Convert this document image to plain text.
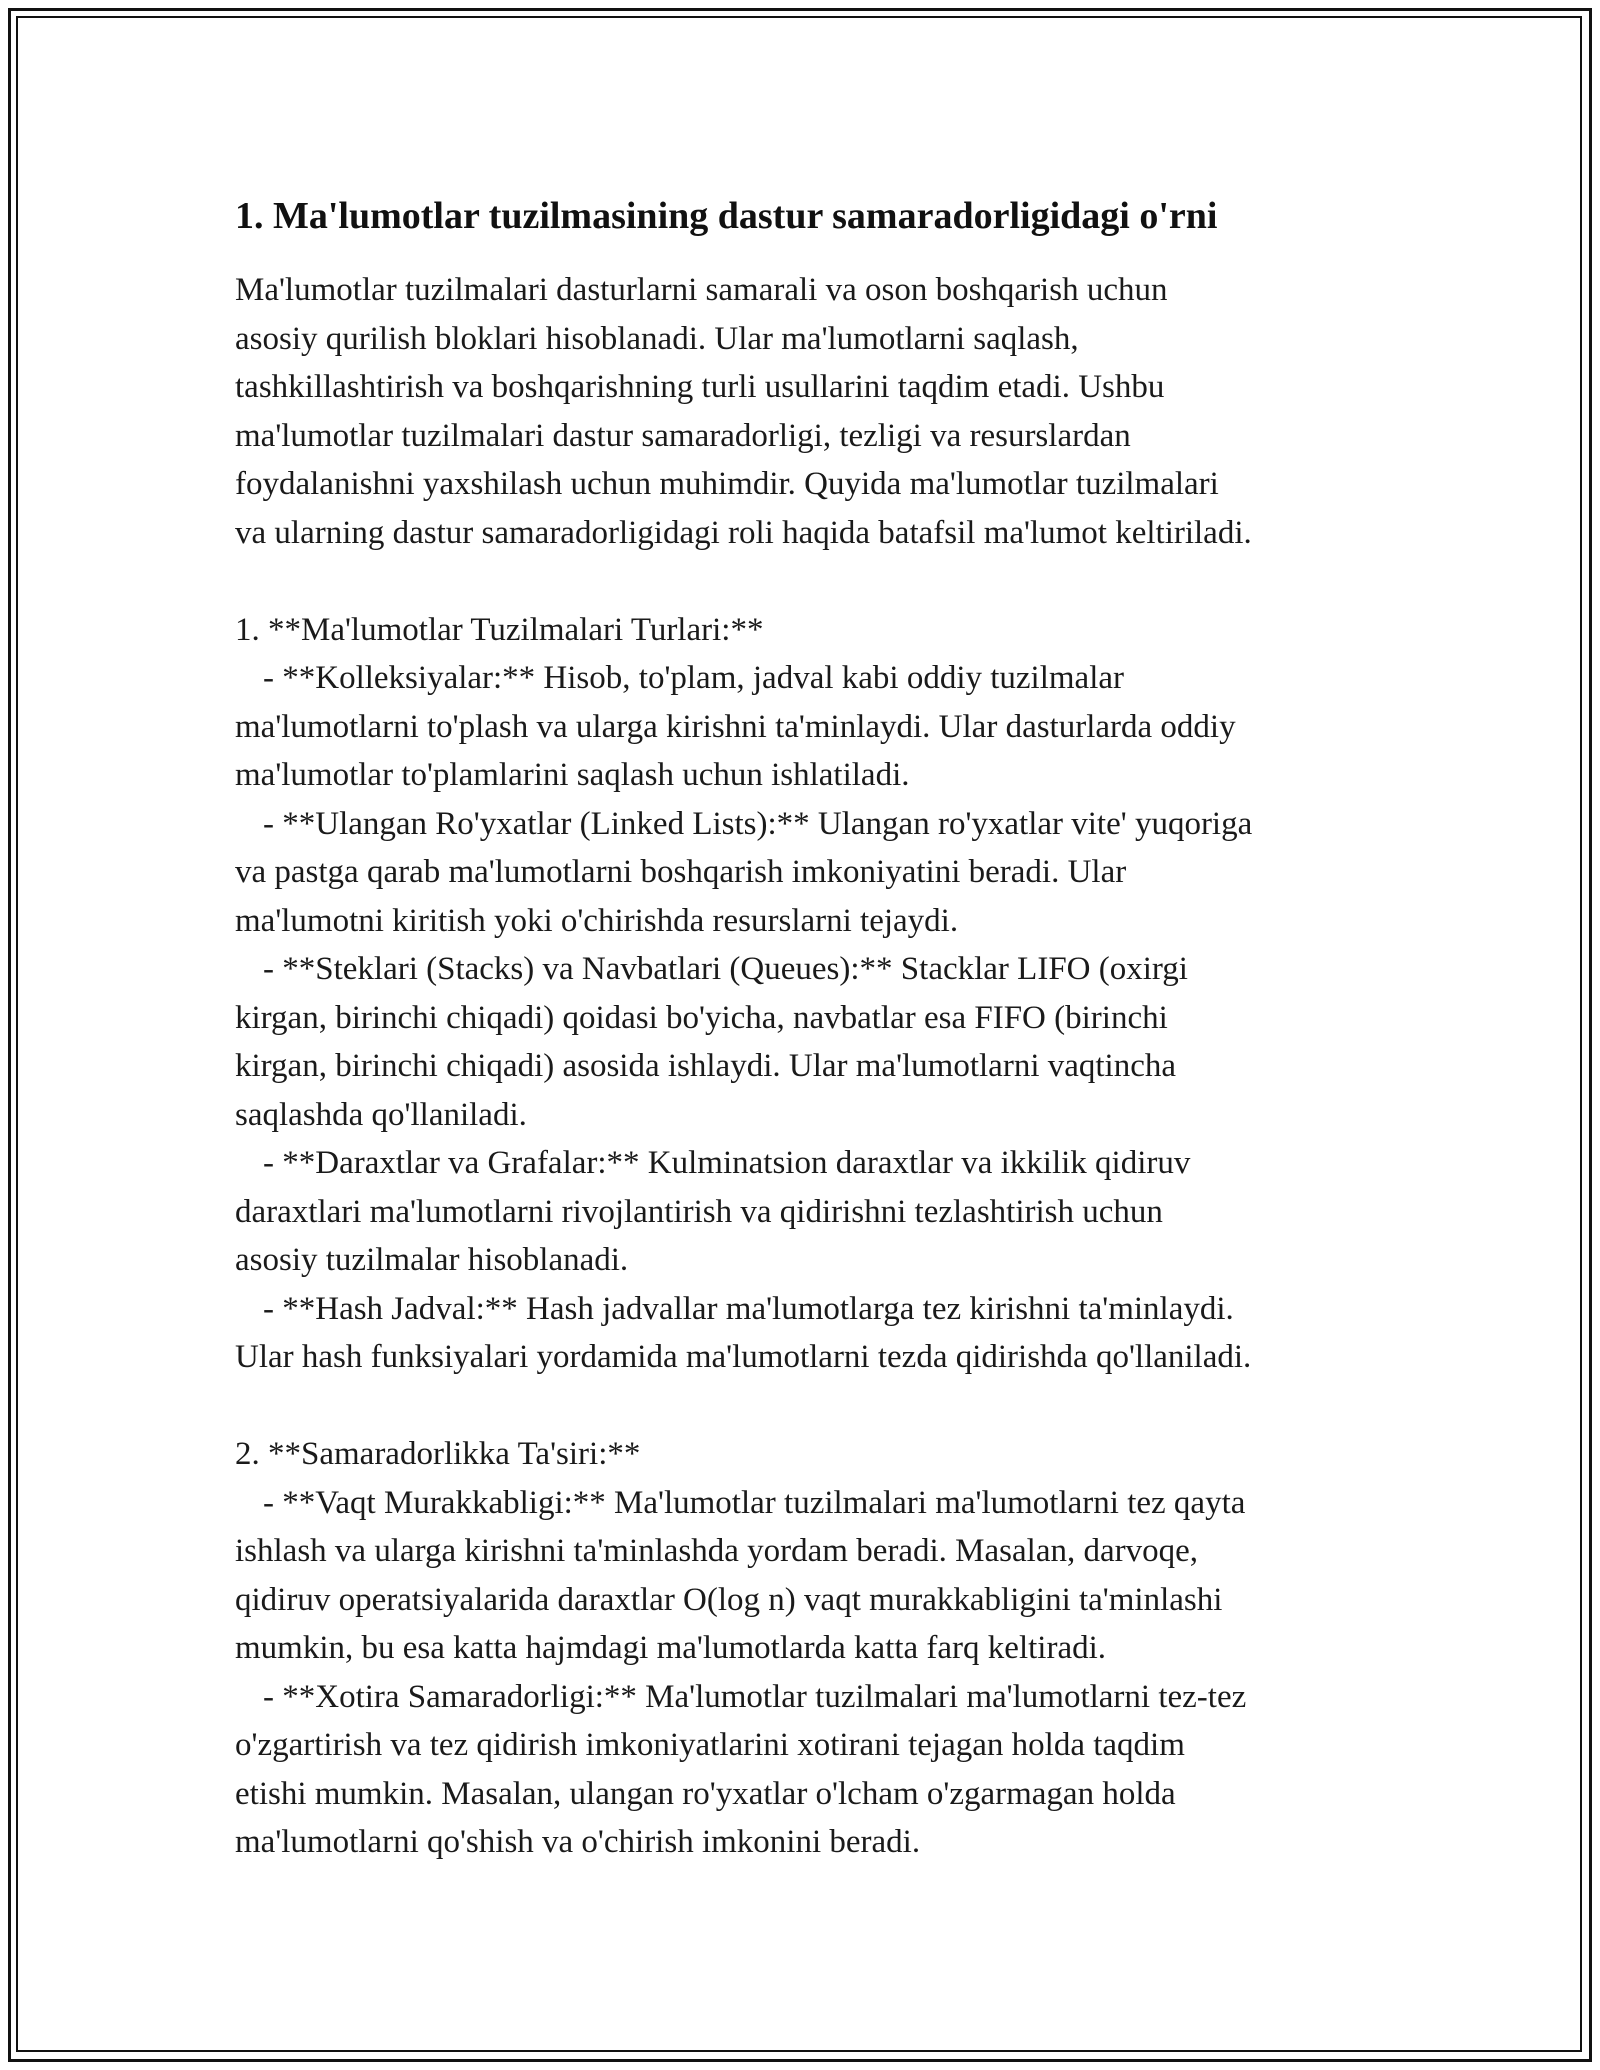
1. Ma'lumotlar tuzilmasining dastur samaradorligidagi o'rni

Ma'lumotlar tuzilmalari dasturlarni samarali va oson boshqarish uchun
asosiy qurilish bloklari hisoblanadi. Ular ma'lumotlarni saqlash,
tashkillashtirish va boshqarishning turli usullarini taqdim etadi. Ushbu
ma'lumotlar tuzilmalari dastur samaradorligi, tezligi va resurslardan
foydalanishni yaxshilash uchun muhimdir. Quyida ma'lumotlar tuzilmalari
va ularning dastur samaradorligidagi roli haqida batafsil ma'lumot keltiriladi.

1. **Ma'lumotlar Tuzilmalari Turlari:**
- **Kolleksiyalar:** Hisob, to'plam, jadval kabi oddiy tuzilmalar
ma'lumotlarni to'plash va ularga kirishni ta'minlaydi. Ular dasturlarda oddiy
ma'lumotlar to'plamlarini saqlash uchun ishlatiladi.
- **Ulangan Ro'yxatlar (Linked Lists):** Ulangan ro'yxatlar vite' yuqoriga
va pastga qarab ma'lumotlarni boshqarish imkoniyatini beradi. Ular
ma'lumotni kiritish yoki o'chirishda resurslarni tejaydi.
- **Steklari (Stacks) va Navbatlari (Queues):** Stacklar LIFO (oxirgi
kirgan, birinchi chiqadi) qoidasi bo'yicha, navbatlar esa FIFO (birinchi
kirgan, birinchi chiqadi) asosida ishlaydi. Ular ma'lumotlarni vaqtincha
saqlashda qo'llaniladi.
- **Daraxtlar va Grafalar:** Kulminatsion daraxtlar va ikkilik qidiruv
daraxtlari ma'lumotlarni rivojlantirish va qidirishni tezlashtirish uchun
asosiy tuzilmalar hisoblanadi.
- **Hash Jadval:** Hash jadvallar ma'lumotlarga tez kirishni ta'minlaydi.
Ular hash funksiyalari yordamida ma'lumotlarni tezda qidirishda qo'llaniladi.
2. **Samaradorlikka Ta'siri:**
- **Vaqt Murakkabligi:** Ma'lumotlar tuzilmalari ma'lumotlarni tez qayta
ishlash va ularga kirishni ta'minlashda yordam beradi. Masalan, darvoqe,
qidiruv operatsiyalarida daraxtlar O(log n) vaqt murakkabligini ta'minlashi
mumkin, bu esa katta hajmdagi ma'lumotlarda katta farq keltiradi.
- **Xotira Samaradorligi:** Ma'lumotlar tuzilmalari ma'lumotlarni tez-tez
o'zgartirish va tez qidirish imkoniyatlarini xotirani tejagan holda taqdim
etishi mumkin. Masalan, ulangan ro'yxatlar o'lcham o'zgarmagan holda
ma'lumotlarni qo'shish va o'chirish imkonini beradi.
